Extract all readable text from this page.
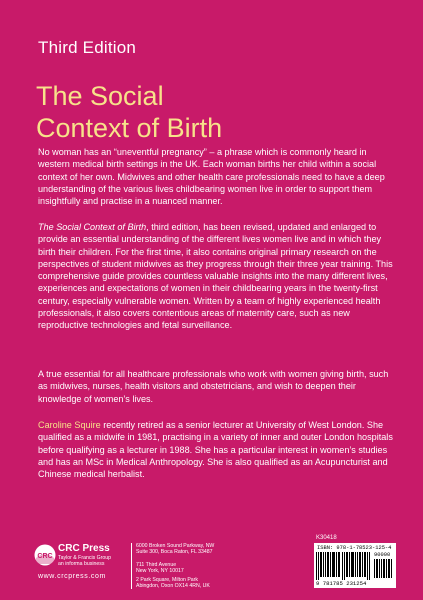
Third Edition
The Social
Context of Birth

No woman has an “uneventful pregnancy” – a phrase which is commonly heard in western medical birth settings in the UK. Each woman births her child within a social context of her own. Midwives and other health care professionals need to have a deep understanding of the various lives childbearing women live in order to support them insightfully and practise in a nuanced manner.

The Social Context of Birth, third edition, has been revised, updated and enlarged to provide an essential understanding of the different lives women live and in which they birth their children. For the first time, it also contains original primary research on the perspectives of student midwives as they progress through their three year training. This comprehensive guide provides countless valuable insights into the many different lives, experiences and expectations of women in their childbearing years in the twenty-first century, especially vulnerable women. Written by a team of highly experienced health professionals, it also covers contentious areas of maternity care, such as new reproductive technologies and fetal surveillance.

A true essential for all healthcare professionals who work with women giving birth, such as midwives, nurses, health visitors and obstetricians, and wish to deepen their knowledge of women’s lives.

Caroline Squire recently retired as a senior lecturer at University of West London. She qualified as a midwife in 1981, practising in a variety of inner and outer London hospitals before qualifying as a lecturer in 1988. She has a particular interest in women’s studies and has an MSc in Medical Anthropology. She is also qualified as an Acupuncturist and Chinese medical herbalist.

CRC
CRC Press
Taylor & Francis Group
an informa business
www.crcpress.com
6000 Broken Sound Parkway, NW
Suite 300, Boca Raton, FL 33487
711 Third Avenue
New York, NY 10017
2 Park Square, Milton Park
Abingdon, Oxon OX14 4RN, UK
K30418
ISBN: 978-1-78523-125-4
90000
9 781785 231254
